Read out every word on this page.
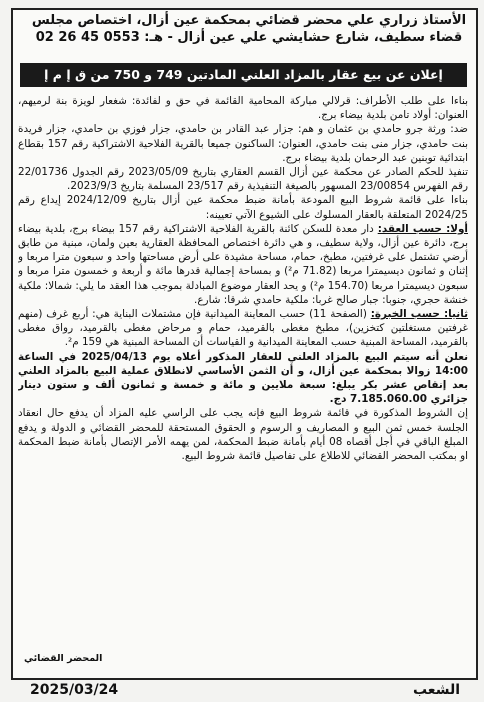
الأستاذ زراري علي محضر قضائي بمحكمة عين أزال، اختصاص مجلس
قضاء سطيف، شارع حشايشي علي عين أزال - هـ: 02 26 45 0553
إعلان عن بيع عقار بالمزاد العلني المادتين 749 و 750 من ق إ م إ

بناءا على طلب الأطراف: قرلالي مباركة المحامية القائمة في حق و لفائدة: شغعار لويزة بنة لرميهم، العنوان: أولاد تامن بلدية بيضاء برج.

ضد: ورثة جرو حامدي بن عثمان و هم: جزار عبد القادر بن حامدي، جزار فوزي بن حامدي، جزار فريدة بنت حامدي، جزار منى بنت حامدي، العنوان: الساكنون جميعا بالقرية الفلاحية الاشتراكية رقم 157 بقطاع ابتدائية توبنين عبد الرحمان بلدية بيضاء برج.

تنفيذ للحكم الصادر عن محكمة عين أزال القسم العقاري بتاريخ 2023/05/09 رقم الجدول 22/01736 رقم الفهرس 23/00854 المسهور بالصيغة التنفيذية رقم 23/517 المسلمة بتاريخ 2023/9/3.

بناءا على قائمة شروط البيع المودعة بأمانة ضبط محكمة عين أزال بتاريخ 2024/12/09 إيداع رقم 2024/25 المتعلقة بالعقار المسلوك على الشيوع الآتي تعيينه:

أولا: حسب العقد: دار معدة للسكن كائنة بالقرية الفلاحية الاشتراكية رقم 157 بيضاء برج، بلدية بيضاء برج، دائرة عين أزال، ولاية سطيف، و هي دائرة اختصاص المحافظة العقارية بعين ولمان، مبنية من طابق أرضي تشتمل على غرفتين، مطبخ، حمام، مساحة مشيدة على أرض مساحتها واحد و سبعون مترا مربعا و إثنان و ثمانون ديسيمترا مربعا (71.82 م²) و بمساحة إجمالية قدرها مائة و أربعة و خمسون مترا مربعا و سبعون ديسيمترا مربعا (154.70 م²) و يحد العقار موضوع المبادلة بموجب هذا العقد ما يلي: شمالا: ملكية خنشة حجري، جنوبا: جبار صالح غربا: ملكية حامدي شرقا: شارع.

ثانيا: حسب الخبرة: (الصفحة 11) حسب المعاينة الميدانية فإن مشتملات البناية هي: أربع غرف (منهم غرفتين مستغلتين كتخزين)، مطبخ مغطى بالقرميد، حمام و مرحاض مغطى بالقرميد، رواق مغطى بالقرميد، المساحة المبنية حسب المعاينة الميدانية و القياسات أن المساحة المبنية هي 159 م².

نعلن أنه سيتم البيع بالمزاد العلني للعقار المذكور أعلاه يوم 2025/04/13 في الساعة 14:00 زوالا بمحكمة عين أزال، و أن الثمن الأساسي لانطلاق عملية البيع بالمزاد العلني بعد إنقاص عشر بكر يبلغ: سبعة ملايين و مائة و خمسة و ثمانون ألف و ستون دينار جزائري 7.185.060.00 دج.

إن الشروط المذكورة في قائمة شروط البيع فإنه يجب على الراسي عليه المزاد أن يدفع حال انعقاد الجلسة خمس ثمن البيع و المصاريف و الرسوم و الحقوق المستحقة للمحضر القضائي و الدولة و يدفع المبلغ الباقي في أجل أقصاه 08 أيام بأمانة ضبط المحكمة، لمن يهمه الأمر الإتصال بأمانة ضبط المحكمة او بمكتب المحضر القضائي للاطلاع على تفاصيل قائمة شروط البيع.

المحضر القضائي
الشعب
2025/03/24
